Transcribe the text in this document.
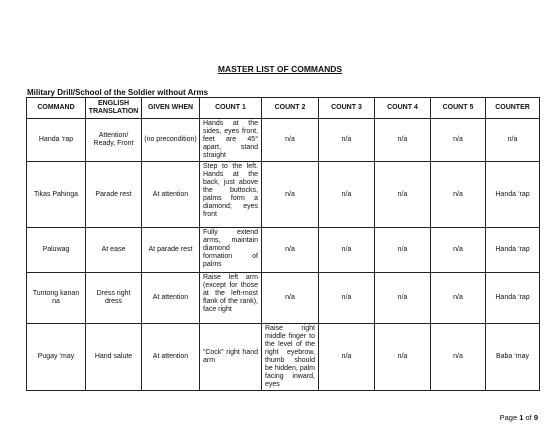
MASTER LIST OF COMMANDS
Military Drill/School of the Soldier without Arms
COMMAND	ENGLISH TRANSLATION	GIVEN WHEN	COUNT 1	COUNT 2	COUNT 3	COUNT 4	COUNT 5	COUNTER
Handa ‘rap	Attention/ Ready, Front	(no precondition)	Hands at the sides, eyes front, feet are 45° apart, stand straight	n/a	n/a	n/a	n/a	n/a
Tikas Pahinga	Parade rest	At attention	Step to the left. Hands at the back, just above the buttocks, palms form a diamond; eyes front	n/a	n/a	n/a	n/a	Handa ‘rap
Paluwag	At ease	At parade rest	Fully extend arms, maintain diamond formation of palms	n/a	n/a	n/a	n/a	Handa ‘rap
Tuntong kanan na	Dress right dress	At attention	Raise left arm (except for those at the left-most flank of the rank), face right	n/a	n/a	n/a	n/a	Handa ‘rap
Pugay ‘may	Hand salute	At attention	“Cock” right hand arm	Raise right middle finger to the level of the right eyebrow, thumb should be hidden, palm facing inward, eyes	n/a	n/a	n/a	Baba ‘may
Page 1 of 9
